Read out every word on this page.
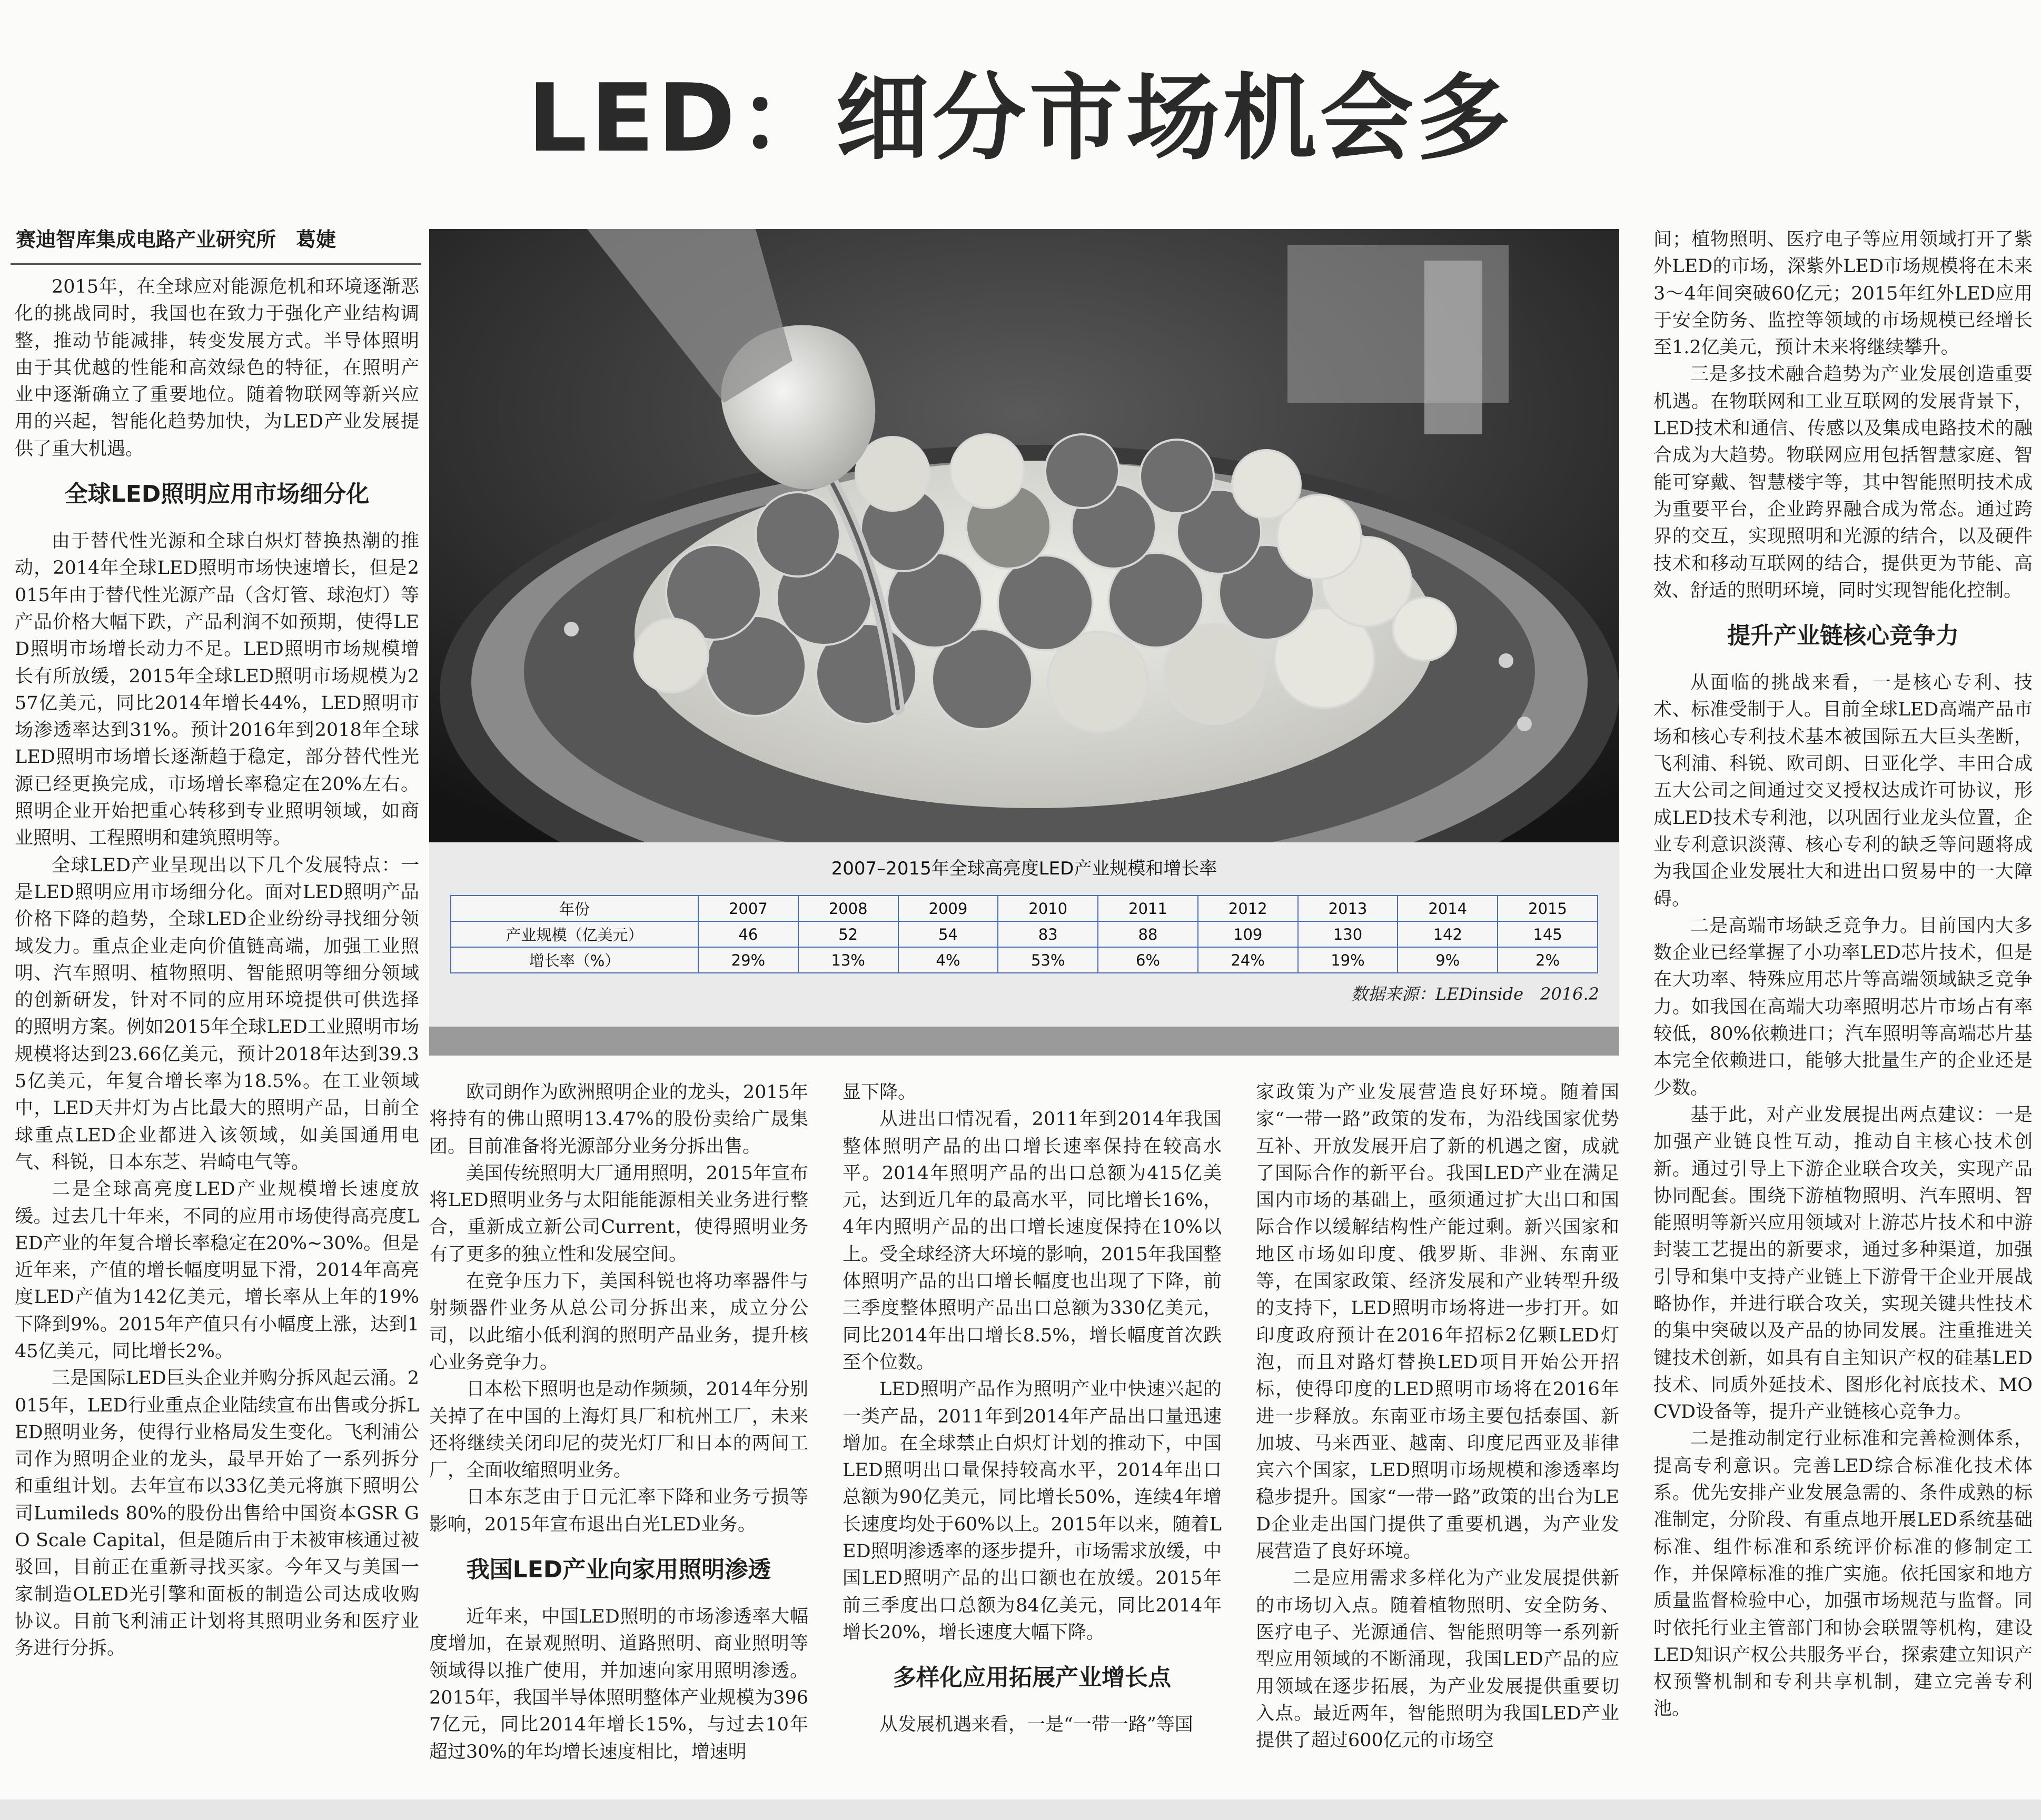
LED：细分市场机会多
赛迪智库集成电路产业研究所　葛婕

2015年，在全球应对能源危机和环境逐渐恶化的挑战同时，我国也在致力于强化产业结构调整，推动节能减排，转变发展方式。半导体照明由于其优越的性能和高效绿色的特征，在照明产业中逐渐确立了重要地位。随着物联网等新兴应用的兴起，智能化趋势加快，为LED产业发展提供了重大机遇。

全球LED照明应用市场细分化

由于替代性光源和全球白炽灯替换热潮的推动，2014年全球LED照明市场快速增长，但是2015年由于替代性光源产品（含灯管、球泡灯）等产品价格大幅下跌，产品利润不如预期，使得LED照明市场增长动力不足。LED照明市场规模增长有所放缓，2015年全球LED照明市场规模为257亿美元，同比2014年增长44%，LED照明市场渗透率达到31%。预计2016年到2018年全球LED照明市场增长逐渐趋于稳定，部分替代性光源已经更换完成，市场增长率稳定在20%左右。照明企业开始把重心转移到专业照明领域，如商业照明、工程照明和建筑照明等。

全球LED产业呈现出以下几个发展特点：一是LED照明应用市场细分化。面对LED照明产品价格下降的趋势，全球LED企业纷纷寻找细分领域发力。重点企业走向价值链高端，加强工业照明、汽车照明、植物照明、智能照明等细分领域的创新研发，针对不同的应用环境提供可供选择的照明方案。例如2015年全球LED工业照明市场规模将达到23.66亿美元，预计2018年达到39.35亿美元，年复合增长率为18.5%。在工业领域中，LED天井灯为占比最大的照明产品，目前全球重点LED企业都进入该领域，如美国通用电气、科锐，日本东芝、岩崎电气等。

二是全球高亮度LED产业规模增长速度放缓。过去几十年来，不同的应用市场使得高亮度LED产业的年复合增长率稳定在20%~30%。但是近年来，产值的增长幅度明显下滑，2014年高亮度LED产值为142亿美元，增长率从上年的19%下降到9%。2015年产值只有小幅度上涨，达到145亿美元，同比增长2%。

三是国际LED巨头企业并购分拆风起云涌。2015年，LED行业重点企业陆续宣布出售或分拆LED照明业务，使得行业格局发生变化。飞利浦公司作为照明企业的龙头，最早开始了一系列拆分和重组计划。去年宣布以33亿美元将旗下照明公司Lumileds 80%的股份出售给中国资本GSR GO Scale Capital，但是随后由于未被审核通过被驳回，目前正在重新寻找买家。今年又与美国一家制造OLED光引擎和面板的制造公司达成收购协议。目前飞利浦正计划将其照明业务和医疗业务进行分拆。

2007–2015年全球高亮度LED产业规模和增长率
年份	2007	2008	2009	2010	2011	2012	2013	2014	2015
产业规模（亿美元）	46	52	54	83	88	109	130	142	145
增长率（%）	29%	13%	4%	53%	6%	24%	19%	9%	2%
数据来源：LEDinside　2016.2

欧司朗作为欧洲照明企业的龙头，2015年将持有的佛山照明13.47%的股份卖给广晟集团。目前准备将光源部分业务分拆出售。

美国传统照明大厂通用照明，2015年宣布将LED照明业务与太阳能能源相关业务进行整合，重新成立新公司Current，使得照明业务有了更多的独立性和发展空间。

在竞争压力下，美国科锐也将功率器件与射频器件业务从总公司分拆出来，成立分公司，以此缩小低利润的照明产品业务，提升核心业务竞争力。

日本松下照明也是动作频频，2014年分别关掉了在中国的上海灯具厂和杭州工厂，未来还将继续关闭印尼的荧光灯厂和日本的两间工厂，全面收缩照明业务。

日本东芝由于日元汇率下降和业务亏损等影响，2015年宣布退出白光LED业务。

我国LED产业向家用照明渗透

近年来，中国LED照明的市场渗透率大幅度增加，在景观照明、道路照明、商业照明等领域得以推广使用，并加速向家用照明渗透。2015年，我国半导体照明整体产业规模为3967亿元，同比2014年增长15%，与过去10年超过30%的年均增长速度相比，增速明

显下降。

从进出口情况看，2011年到2014年我国整体照明产品的出口增长速率保持在较高水平。2014年照明产品的出口总额为415亿美元，达到近几年的最高水平，同比增长16%，4年内照明产品的出口增长速度保持在10%以上。受全球经济大环境的影响，2015年我国整体照明产品的出口增长幅度也出现了下降，前三季度整体照明产品出口总额为330亿美元，同比2014年出口增长8.5%，增长幅度首次跌至个位数。

LED照明产品作为照明产业中快速兴起的一类产品，2011年到2014年产品出口量迅速增加。在全球禁止白炽灯计划的推动下，中国LED照明出口量保持较高水平，2014年出口总额为90亿美元，同比增长50%，连续4年增长速度均处于60%以上。2015年以来，随着LED照明渗透率的逐步提升，市场需求放缓，中国LED照明产品的出口额也在放缓。2015年前三季度出口总额为84亿美元，同比2014年增长20%，增长速度大幅下降。

多样化应用拓展产业增长点

从发展机遇来看，一是“一带一路”等国

家政策为产业发展营造良好环境。随着国家“一带一路”政策的发布，为沿线国家优势互补、开放发展开启了新的机遇之窗，成就了国际合作的新平台。我国LED产业在满足国内市场的基础上，亟须通过扩大出口和国际合作以缓解结构性产能过剩。新兴国家和地区市场如印度、俄罗斯、非洲、东南亚等，在国家政策、经济发展和产业转型升级的支持下，LED照明市场将进一步打开。如印度政府预计在2016年招标2亿颗LED灯泡，而且对路灯替换LED项目开始公开招标，使得印度的LED照明市场将在2016年进一步释放。东南亚市场主要包括泰国、新加坡、马来西亚、越南、印度尼西亚及菲律宾六个国家，LED照明市场规模和渗透率均稳步提升。国家“一带一路”政策的出台为LED企业走出国门提供了重要机遇，为产业发展营造了良好环境。

二是应用需求多样化为产业发展提供新的市场切入点。随着植物照明、安全防务、医疗电子、光源通信、智能照明等一系列新型应用领域的不断涌现，我国LED产品的应用领域在逐步拓展，为产业发展提供重要切入点。最近两年，智能照明为我国LED产业提供了超过600亿元的市场空

间；植物照明、医疗电子等应用领域打开了紫外LED的市场，深紫外LED市场规模将在未来3～4年间突破60亿元；2015年红外LED应用于安全防务、监控等领域的市场规模已经增长至1.2亿美元，预计未来将继续攀升。

三是多技术融合趋势为产业发展创造重要机遇。在物联网和工业互联网的发展背景下，LED技术和通信、传感以及集成电路技术的融合成为大趋势。物联网应用包括智慧家庭、智能可穿戴、智慧楼宇等，其中智能照明技术成为重要平台，企业跨界融合成为常态。通过跨界的交互，实现照明和光源的结合，以及硬件技术和移动互联网的结合，提供更为节能、高效、舒适的照明环境，同时实现智能化控制。

提升产业链核心竞争力

从面临的挑战来看，一是核心专利、技术、标准受制于人。目前全球LED高端产品市场和核心专利技术基本被国际五大巨头垄断，飞利浦、科锐、欧司朗、日亚化学、丰田合成五大公司之间通过交叉授权达成许可协议，形成LED技术专利池，以巩固行业龙头位置，企业专利意识淡薄、核心专利的缺乏等问题将成为我国企业发展壮大和进出口贸易中的一大障碍。

二是高端市场缺乏竞争力。目前国内大多数企业已经掌握了小功率LED芯片技术，但是在大功率、特殊应用芯片等高端领域缺乏竞争力。如我国在高端大功率照明芯片市场占有率较低，80%依赖进口；汽车照明等高端芯片基本完全依赖进口，能够大批量生产的企业还是少数。

基于此，对产业发展提出两点建议：一是加强产业链良性互动，推动自主核心技术创新。通过引导上下游企业联合攻关，实现产品协同配套。围绕下游植物照明、汽车照明、智能照明等新兴应用领域对上游芯片技术和中游封装工艺提出的新要求，通过多种渠道，加强引导和集中支持产业链上下游骨干企业开展战略协作，并进行联合攻关，实现关键共性技术的集中突破以及产品的协同发展。注重推进关键技术创新，如具有自主知识产权的硅基LED技术、同质外延技术、图形化衬底技术、MOCVD设备等，提升产业链核心竞争力。

二是推动制定行业标准和完善检测体系，提高专利意识。完善LED综合标准化技术体系。优先安排产业发展急需的、条件成熟的标准制定，分阶段、有重点地开展LED系统基础标准、组件标准和系统评价标准的修制定工作，并保障标准的推广实施。依托国家和地方质量监督检验中心，加强市场规范与监督。同时依托行业主管部门和协会联盟等机构，建设LED知识产权公共服务平台，探索建立知识产权预警机制和专利共享机制，建立完善专利池。
